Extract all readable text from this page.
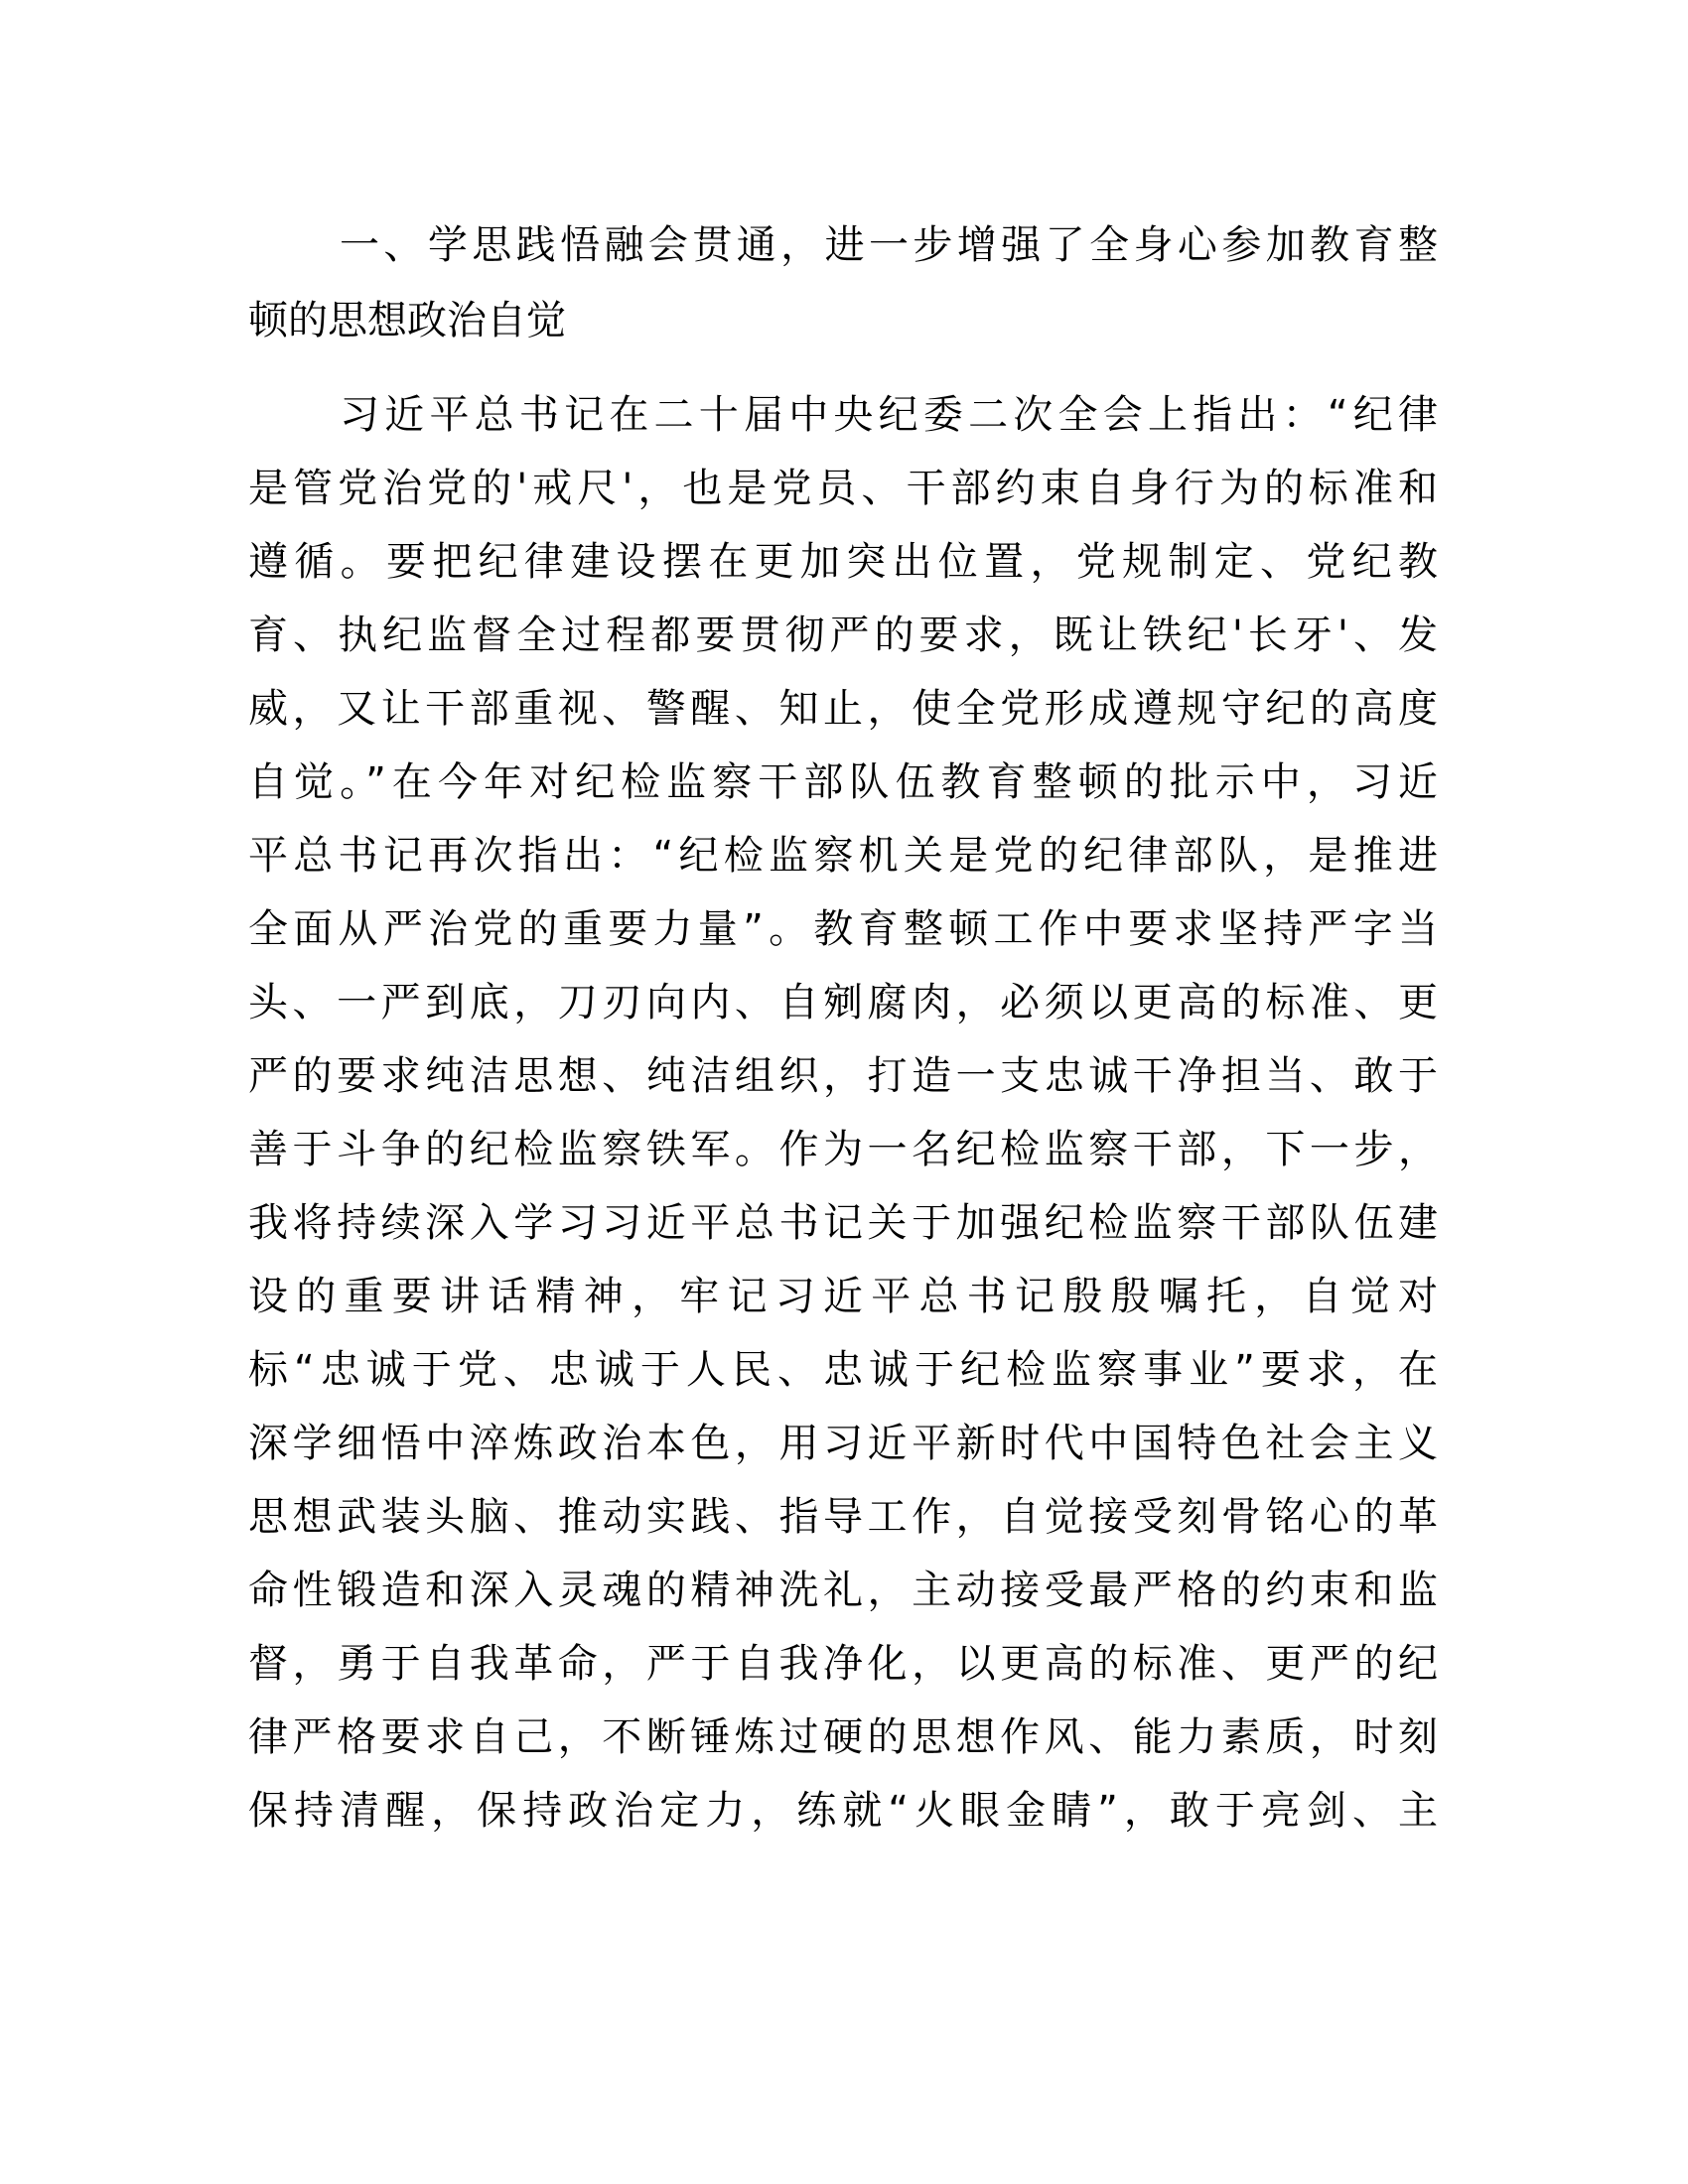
一、学思践悟融会贯通，进一步增强了全身心参加教育整
顿的思想政治自觉
习近平总书记在二十届中央纪委二次全会上指出：“纪律
是管党治党的'戒尺'，也是党员、干部约束自身行为的标准和
遵循。要把纪律建设摆在更加突出位置，党规制定、党纪教
育、执纪监督全过程都要贯彻严的要求，既让铁纪'长牙'、发
威，又让干部重视、警醒、知止，使全党形成遵规守纪的高度
自觉。”在今年对纪检监察干部队伍教育整顿的批示中，习近
平总书记再次指出：“纪检监察机关是党的纪律部队，是推进
全面从严治党的重要力量”。教育整顿工作中要求坚持严字当
头、一严到底，刀刃向内、自剜腐肉，必须以更高的标准、更
严的要求纯洁思想、纯洁组织，打造一支忠诚干净担当、敢于
善于斗争的纪检监察铁军。作为一名纪检监察干部，下一步，
我将持续深入学习习近平总书记关于加强纪检监察干部队伍建
设的重要讲话精神，牢记习近平总书记殷殷嘱托，自觉对
标“忠诚于党、忠诚于人民、忠诚于纪检监察事业”要求，在
深学细悟中淬炼政治本色，用习近平新时代中国特色社会主义
思想武装头脑、推动实践、指导工作，自觉接受刻骨铭心的革
命性锻造和深入灵魂的精神洗礼，主动接受最严格的约束和监
督，勇于自我革命，严于自我净化，以更高的标准、更严的纪
律严格要求自己，不断锤炼过硬的思想作风、能力素质，时刻
保持清醒，保持政治定力，练就“火眼金睛”，敢于亮剑、主
